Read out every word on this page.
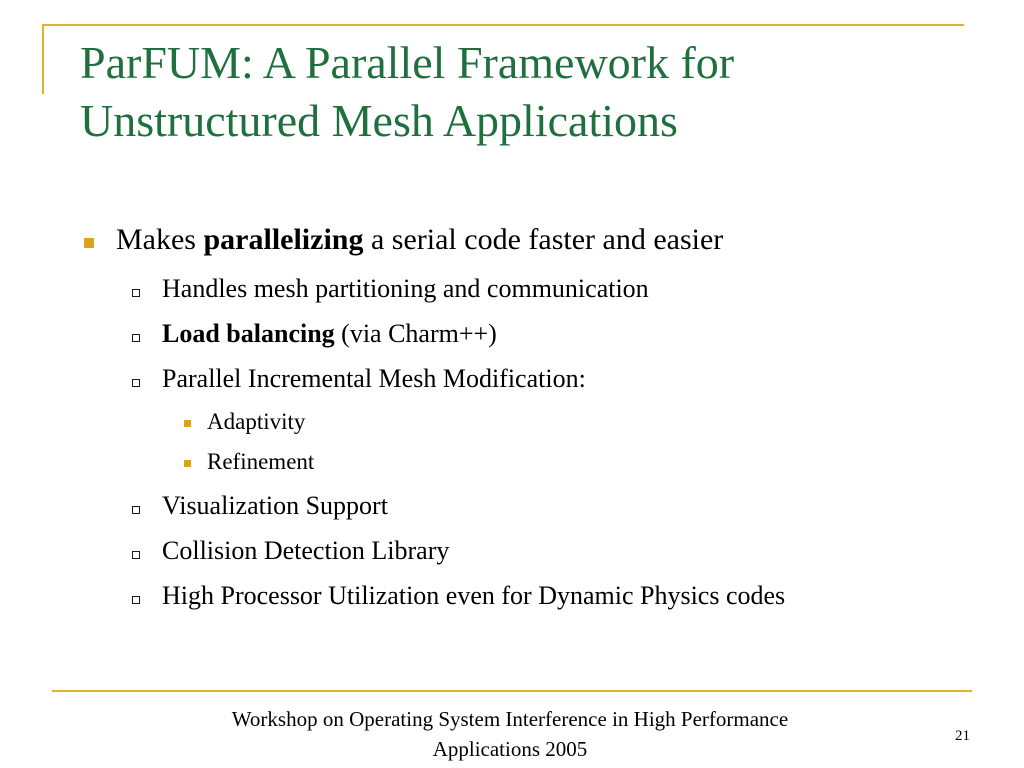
ParFUM: A Parallel Framework for
Unstructured Mesh Applications
Makes parallelizing a serial code faster and easier
Handles mesh partitioning and communication
Load balancing (via Charm++)
Parallel Incremental Mesh Modification:
Adaptivity
Refinement
Visualization Support
Collision Detection Library
High Processor Utilization even for Dynamic Physics codes
Workshop on Operating System Interference in High Performance
Applications 2005
21
